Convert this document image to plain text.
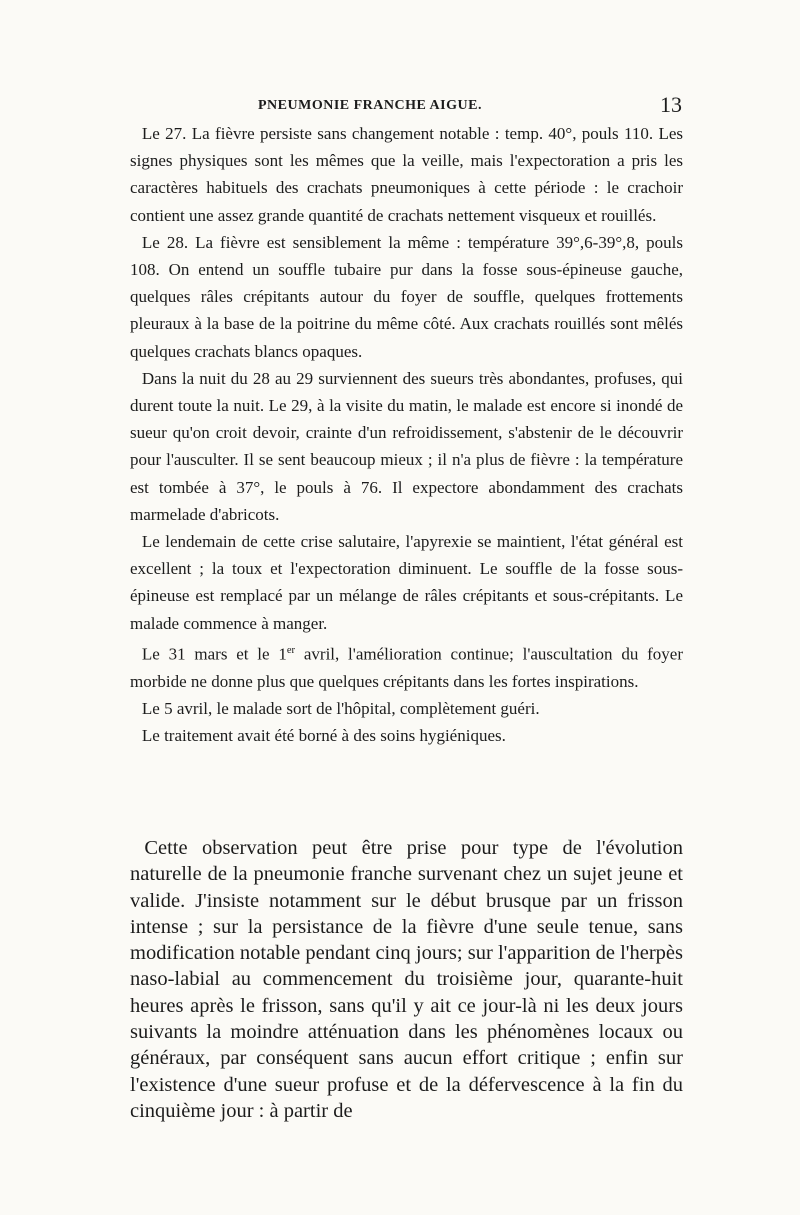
PNEUMONIE FRANCHE AIGUE.	13

Le 27. La fièvre persiste sans changement notable : temp. 40°, pouls 110. Les signes physiques sont les mêmes que la veille, mais l'expectoration a pris les caractères habituels des crachats pneumoniques à cette période : le crachoir contient une assez grande quantité de crachats nettement visqueux et rouillés.

Le 28. La fièvre est sensiblement la même : température 39°,6-39°,8, pouls 108. On entend un souffle tubaire pur dans la fosse sous-épineuse gauche, quelques râles crépitants autour du foyer de souffle, quelques frottements pleuraux à la base de la poitrine du même côté. Aux crachats rouillés sont mêlés quelques crachats blancs opaques.

Dans la nuit du 28 au 29 surviennent des sueurs très abondantes, profuses, qui durent toute la nuit. Le 29, à la visite du matin, le malade est encore si inondé de sueur qu'on croit devoir, crainte d'un refroidissement, s'abstenir de le découvrir pour l'ausculter. Il se sent beaucoup mieux ; il n'a plus de fièvre : la température est tombée à 37°, le pouls à 76. Il expectore abondamment des crachats marmelade d'abricots.

Le lendemain de cette crise salutaire, l'apyrexie se maintient, l'état général est excellent ; la toux et l'expectoration diminuent. Le souffle de la fosse sous-épineuse est remplacé par un mélange de râles crépitants et sous-crépitants. Le malade commence à manger.

Le 31 mars et le 1er avril, l'amélioration continue; l'auscultation du foyer morbide ne donne plus que quelques crépitants dans les fortes inspirations.

Le 5 avril, le malade sort de l'hôpital, complètement guéri.

Le traitement avait été borné à des soins hygiéniques.

Cette observation peut être prise pour type de l'évolution naturelle de la pneumonie franche survenant chez un sujet jeune et valide. J'insiste notamment sur le début brusque par un frisson intense ; sur la persistance de la fièvre d'une seule tenue, sans modification notable pendant cinq jours; sur l'apparition de l'herpès naso-labial au commencement du troisième jour, quarante-huit heures après le frisson, sans qu'il y ait ce jour-là ni les deux jours suivants la moindre atténuation dans les phénomènes locaux ou généraux, par conséquent sans aucun effort critique ; enfin sur l'existence d'une sueur profuse et de la défervescence à la fin du cinquième jour : à partir de
